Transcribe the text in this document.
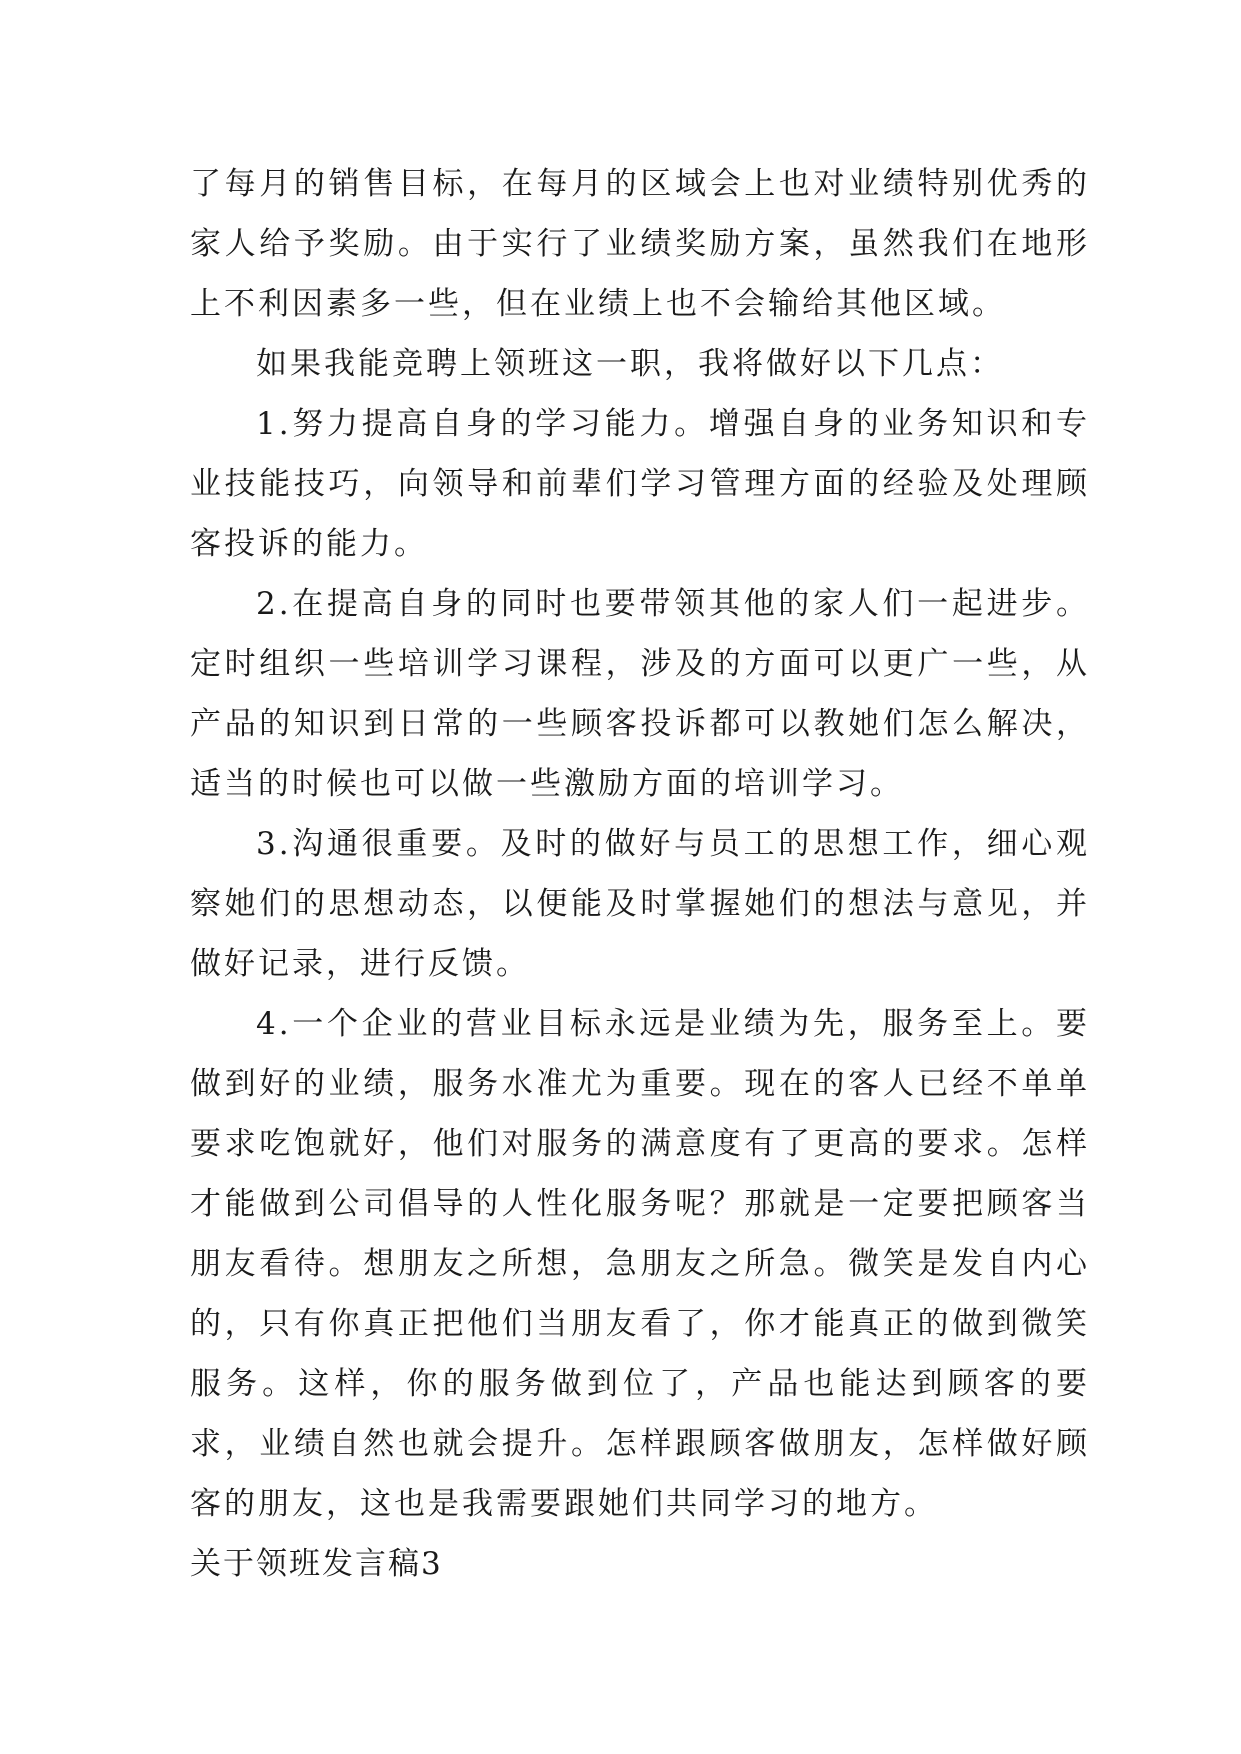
了每月的销售目标，在每月的区域会上也对业绩特别优秀的家人给予奖励。由于实行了业绩奖励方案，虽然我们在地形上不利因素多一些，但在业绩上也不会输给其他区域。

如果我能竞聘上领班这一职，我将做好以下几点：

1.努力提高自身的学习能力。增强自身的业务知识和专业技能技巧，向领导和前辈们学习管理方面的经验及处理顾客投诉的能力。

2.在提高自身的同时也要带领其他的家人们一起进步。定时组织一些培训学习课程，涉及的方面可以更广一些，从产品的知识到日常的一些顾客投诉都可以教她们怎么解决，适当的时候也可以做一些激励方面的培训学习。

3.沟通很重要。及时的做好与员工的思想工作，细心观察她们的思想动态，以便能及时掌握她们的想法与意见，并做好记录，进行反馈。

4.一个企业的营业目标永远是业绩为先，服务至上。要做到好的业绩，服务水准尤为重要。现在的客人已经不单单要求吃饱就好，他们对服务的满意度有了更高的要求。怎样才能做到公司倡导的人性化服务呢？那就是一定要把顾客当朋友看待。想朋友之所想，急朋友之所急。微笑是发自内心的，只有你真正把他们当朋友看了，你才能真正的做到微笑服务。这样，你的服务做到位了，产品也能达到顾客的要求，业绩自然也就会提升。怎样跟顾客做朋友，怎样做好顾客的朋友，这也是我需要跟她们共同学习的地方。

关于领班发言稿3
